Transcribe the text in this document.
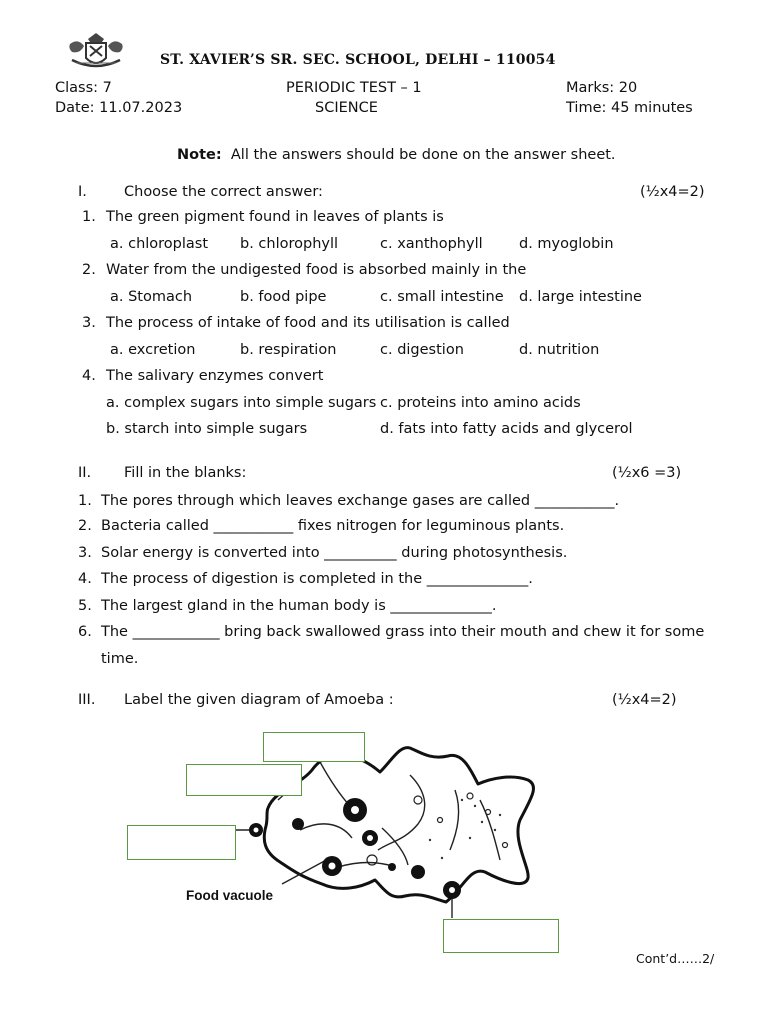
ST. XAVIER’S SR. SEC. SCHOOL, DELHI – 110054
Class: 7	PERIODIC TEST – 1	Marks: 20
Date: 11.07.2023	SCIENCE	Time: 45 minutes
Note: All the answers should be done on the answer sheet.
I.	Choose the correct answer:	(½x4=2)
1. The green pigment found in leaves of plants is
a. chloroplast b. chlorophyll	c. xanthophyll	d. myoglobin
2. Water from the undigested food is absorbed mainly in the
a. Stomach	b. food pipe	c. small intestine d. large intestine
3. The process of intake of food and its utilisation is called
a. excretion	b. respiration	c. digestion	d. nutrition
4. The salivary enzymes convert
a. complex sugars into simple sugars c. proteins into amino acids
b. starch into simple sugars	d. fats into fatty acids and glycerol
II. Fill in the blanks:	(½x6 =3)
1. The pores through which leaves exchange gases are called ___________.
2. Bacteria called ___________ fixes nitrogen for leguminous plants.
3. Solar energy is converted into __________ during photosynthesis.
4. The process of digestion is completed in the ______________.
5. The largest gland in the human body is ______________.
6. The ____________ bring back swallowed grass into their mouth and chew it for some
time.
III. Label the given diagram of Amoeba :	(½x4=2)
Food vacuole
Cont’d……2/
